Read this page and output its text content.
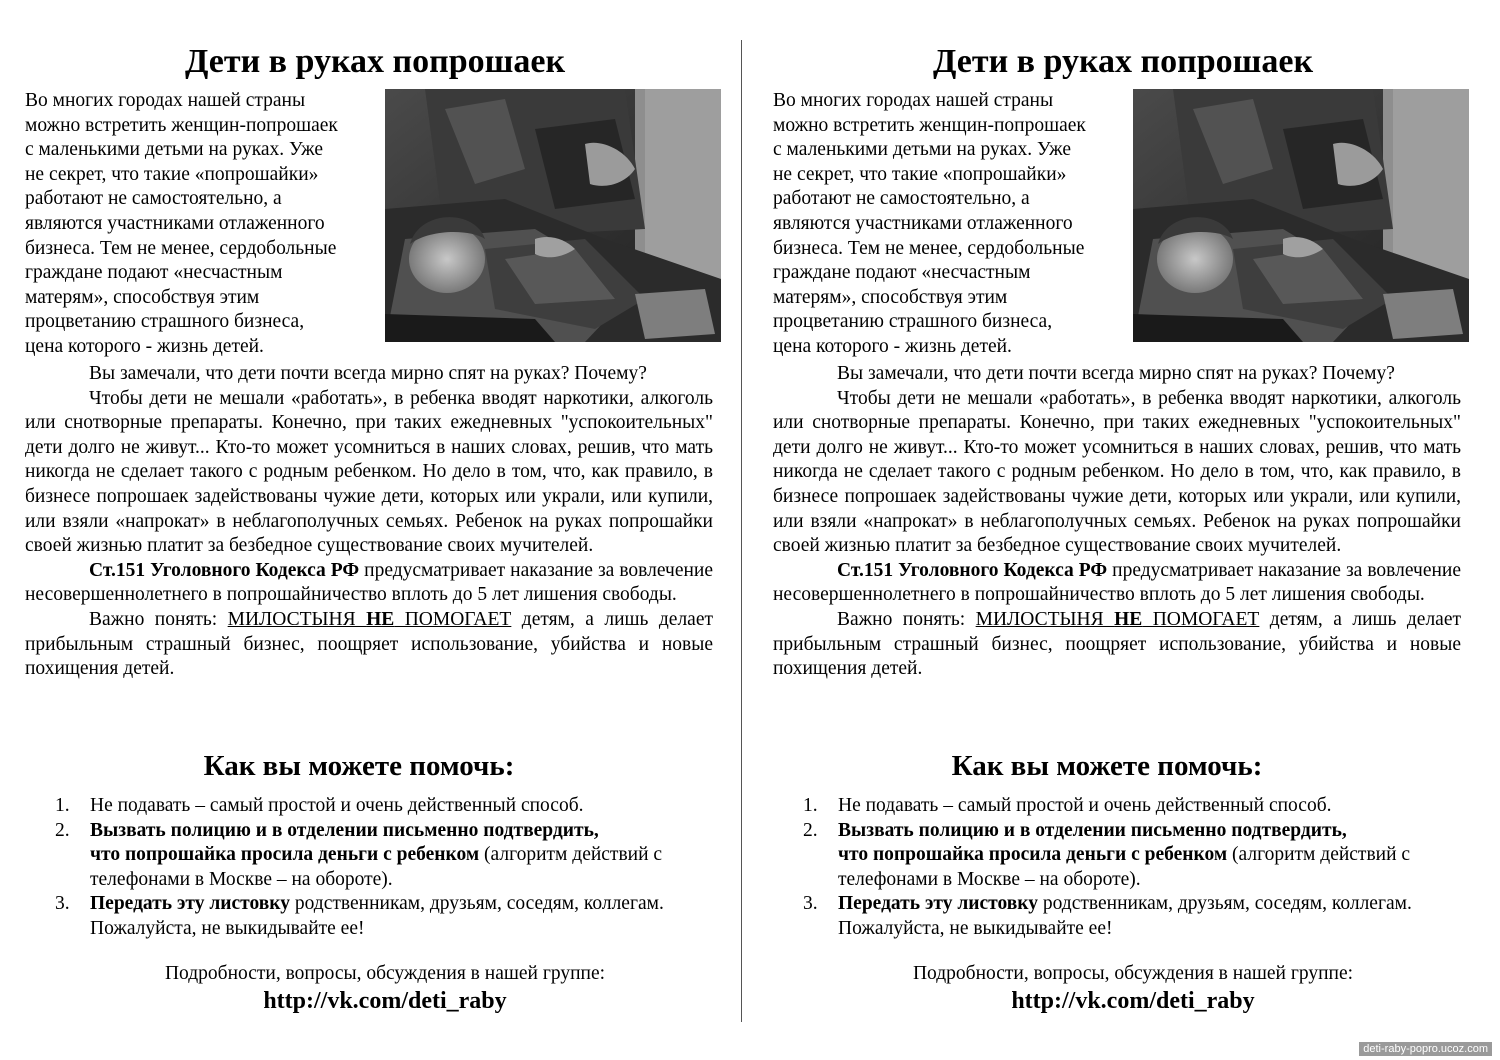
Дети в руках попрошаек

Во многих городах нашей страны

можно встретить женщин-попрошаек

с маленькими детьми на руках. Уже

не секрет, что такие «попрошайки»

работают не самостоятельно, а

являются участниками отлаженного

бизнеса. Тем не менее, сердобольные

граждане подают «несчастным

матерям», способствуя этим

процветанию страшного бизнеса,

цена которого - жизнь детей.

Вы замечали, что дети почти всегда мирно спят на руках? Почему?

Чтобы дети не мешали «работать», в ребенка вводят наркотики, алкоголь или снотворные препараты. Конечно, при таких ежедневных "успокоительных" дети долго не живут... Кто-то может усомниться в наших словах, решив, что мать никогда не сделает такого с родным ребенком. Но дело в том, что, как правило, в бизнесе попрошаек задействованы чужие дети, которых или украли, или купили, или взяли «напрокат» в неблагополучных семьях. Ребенок на руках попрошайки своей жизнью платит за безбедное существование своих мучителей.

Ст.151 Уголовного Кодекса РФ предусматривает наказание за вовлечение несовершеннолетнего в попрошайничество вплоть до 5 лет лишения свободы.

Важно понять: МИЛОСТЫНЯ НЕ ПОМОГАЕТ детям, а лишь делает прибыльным страшный бизнес, поощряет использование, убийства и новые похищения детей.

Как вы можете помочь:
1. Не подавать – самый простой и очень действенный способ.
2. Вызвать полицию и в отделении письменно подтвердить,
что попрошайка просила деньги с ребенком (алгоритм действий с телефонами в Москве – на обороте).
3. Передать эту листовку родственникам, друзьям, соседям, коллегам. Пожалуйста, не выкидывайте ее!
Подробности, вопросы, обсуждения в нашей группе:
http://vk.com/deti_raby
Дети в руках попрошаек

Во многих городах нашей страны

можно встретить женщин-попрошаек

с маленькими детьми на руках. Уже

не секрет, что такие «попрошайки»

работают не самостоятельно, а

являются участниками отлаженного

бизнеса. Тем не менее, сердобольные

граждане подают «несчастным

матерям», способствуя этим

процветанию страшного бизнеса,

цена которого - жизнь детей.

Вы замечали, что дети почти всегда мирно спят на руках? Почему?

Чтобы дети не мешали «работать», в ребенка вводят наркотики, алкоголь или снотворные препараты. Конечно, при таких ежедневных "успокоительных" дети долго не живут... Кто-то может усомниться в наших словах, решив, что мать никогда не сделает такого с родным ребенком. Но дело в том, что, как правило, в бизнесе попрошаек задействованы чужие дети, которых или украли, или купили, или взяли «напрокат» в неблагополучных семьях. Ребенок на руках попрошайки своей жизнью платит за безбедное существование своих мучителей.

Ст.151 Уголовного Кодекса РФ предусматривает наказание за вовлечение несовершеннолетнего в попрошайничество вплоть до 5 лет лишения свободы.

Важно понять: МИЛОСТЫНЯ НЕ ПОМОГАЕТ детям, а лишь делает прибыльным страшный бизнес, поощряет использование, убийства и новые похищения детей.

Как вы можете помочь:
1. Не подавать – самый простой и очень действенный способ.
2. Вызвать полицию и в отделении письменно подтвердить,
что попрошайка просила деньги с ребенком (алгоритм действий с телефонами в Москве – на обороте).
3. Передать эту листовку родственникам, друзьям, соседям, коллегам. Пожалуйста, не выкидывайте ее!
Подробности, вопросы, обсуждения в нашей группе:
http://vk.com/deti_raby
deti-raby-popro.ucoz.com
